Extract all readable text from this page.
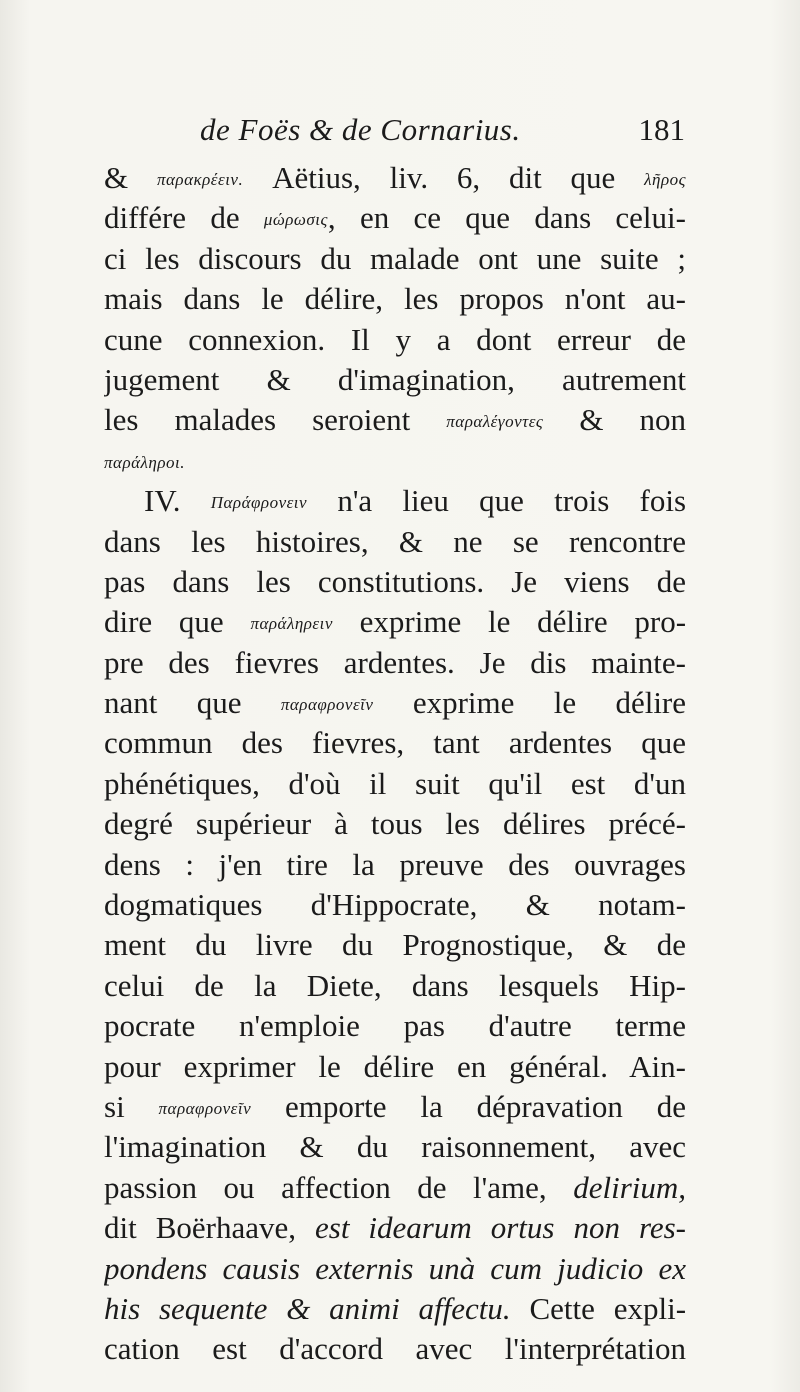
de Foës & de Cornarius.	181
& παρακρέειν. Aëtius, liv. 6, dit que λῆρος
différe de μώρωσις, en ce que dans celui-
ci les discours du malade ont une suite ;
mais dans le délire, les propos n'ont au-
cune connexion. Il y a dont erreur de
jugement & d'imagination, autrement
les malades seroient παραλέγοντες & non
παράληροι.
IV. Παράφρονειν n'a lieu que trois fois
dans les histoires, & ne se rencontre
pas dans les constitutions. Je viens de
dire que παράληρειν exprime le délire pro-
pre des fievres ardentes. Je dis mainte-
nant que παραφρονεῖν exprime le délire
commun des fievres, tant ardentes que
phénétiques, d'où il suit qu'il est d'un
degré supérieur à tous les délires précé-
dens : j'en tire la preuve des ouvrages
dogmatiques d'Hippocrate, & notam-
ment du livre du Prognostique, & de
celui de la Diete, dans lesquels Hip-
pocrate n'emploie pas d'autre terme
pour exprimer le délire en général. Ain-
si παραφρονεῖν emporte la dépravation de
l'imagination & du raisonnement, avec
passion ou affection de l'ame, delirium,
dit Boërhaave, est idearum ortus non res-
pondens causis externis unà cum judicio ex
his sequente & animi affectu. Cette expli-
cation est d'accord avec l'interprétation
